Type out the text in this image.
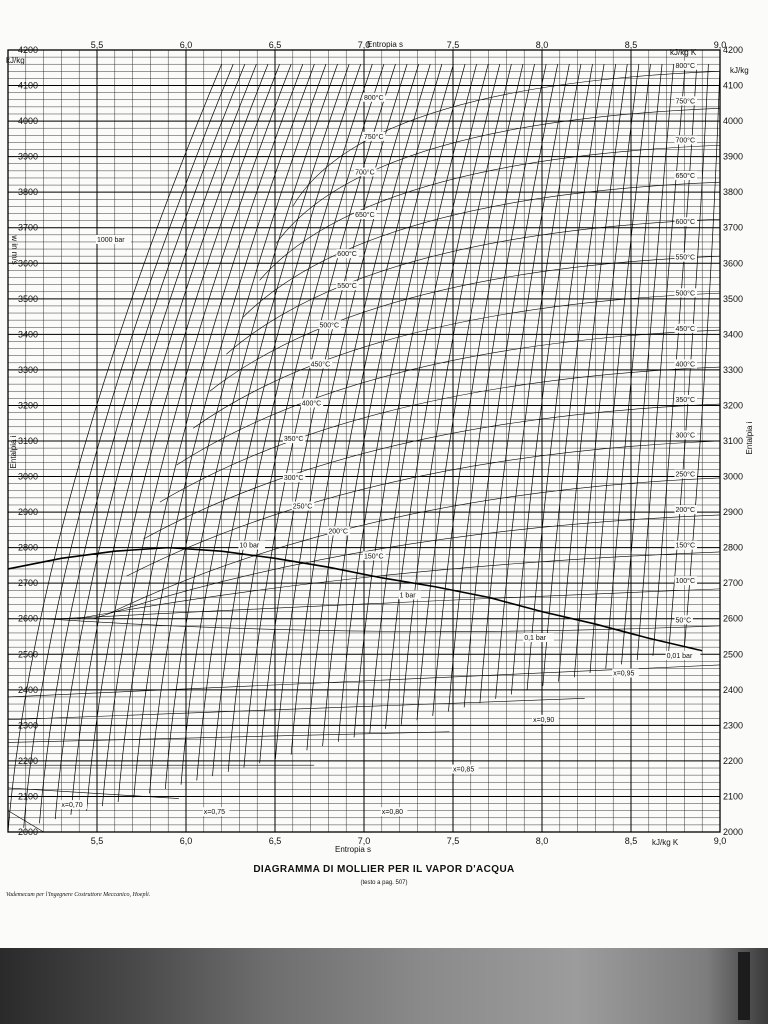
5,5
5,5
6,0
6,0
6,5
6,5
7,0
7,0
7,5
7,5
8,0
8,0
8,5
8,5
9,0
9,0
2000	2000
2100	2100
2200	2200
2300	2300
2400	2400
2500	2500
2600	2600
2700	2700
2800	2800
2900	2900
3000	3000
3100	3100
3200	3200
3300	3300
3400	3400
3500	3500
3600	3600
3700	3700
3800	3800
3900	3900
4000	4000
4100	4100
4200	4200
1000 bar
800°C
750°C
700°C
650°C
600°C
550°C
500°C
450°C
400°C
350°C
300°C
250°C
200°C
150°C
800°C
750°C
700°C
650°C
600°C
550°C
500°C
450°C
400°C
350°C
300°C
250°C
200°C
150°C
100°C
50°C
10 bar
1 bar
0,1 bar
0,01 bar
x=0,95
x=0,90
x=0,85
x=0,80
x=0,75
x=0,70
Entropia s
Entropia s
kJ/kg K
kJ/kg K
kJ/kg
kJ/kg
Entalpia i	Entalpia i
w in m/s
DIAGRAMMA DI MOLLIER PER IL VAPOR D'ACQUA
(testo a pag. 507)
Vademecum per l'Ingegnere Costruttore Meccanico, Hoepli.
